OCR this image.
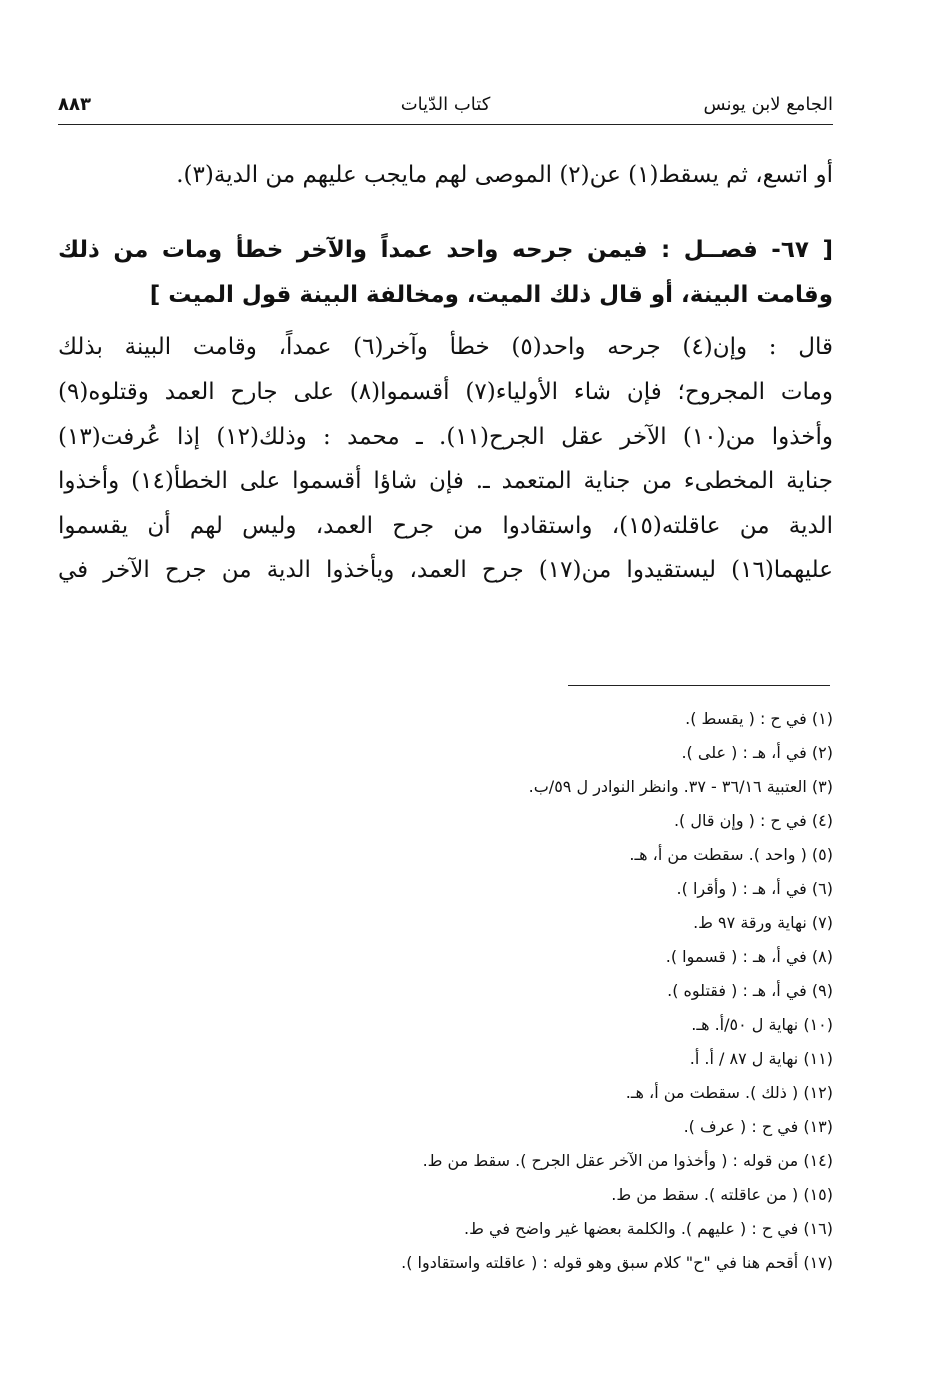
الجامع لابن يونس
كتاب الدّيات
٨٨٣
أو اتسع، ثم يسقط(١) عن(٢) الموصى لهم مايجب عليهم من الدية(٣).
[ ٦٧- فصــل : فيمن جرحه واحد عمداً والآخر خطأ ومات من ذلك
وقامت البينة، أو قال ذلك الميت، ومخالفة البينة قول الميت ]
قال : وإن(٤) جرحه واحد(٥) خطأ وآخر(٦) عمداً، وقامت البينة بذلك
ومات المجروح؛ فإن شاء الأولياء(٧) أقسموا(٨) على جارح العمد وقتلوه(٩)
وأخذوا من(١٠) الآخر عقل الجرح(١١). ـ محمد : وذلك(١٢) إذا عُرفت(١٣)
جناية المخطىء من جناية المتعمد ـ. فإن شاؤا أقسموا على الخطأ(١٤) وأخذوا
الدية من عاقلته(١٥)، واستقادوا من جرح العمد، وليس لهم أن يقسموا
عليهما(١٦) ليستقيدوا من(١٧) جرح العمد، ويأخذوا الدية من جرح الآخر في
(١) في ح : ( يقسط ).
(٢) في أ، هـ : ( على ).
(٣) العتبية ٣٦/١٦ - ٣٧. وانظر النوادر ل ٥٩/ب.
(٤) في ح : ( وإن قال ).
(٥) ( واحد ). سقطت من أ، هـ.
(٦) في أ، هـ : ( وأقرا ).
(٧) نهاية ورقة ٩٧ ط.
(٨) في أ، هـ : ( قسموا ).
(٩) في أ، هـ : ( فقتلوه ).
(١٠) نهاية ل ٥٠/أ. هـ.
(١١) نهاية ل ٨٧ / أ. أ.
(١٢) ( ذلك ). سقطت من أ، هـ.
(١٣) في ح : ( عرف ).
(١٤) من قوله : ( وأخذوا من الآخر عقل الجرح ). سقط من ط.
(١٥) ( من عاقلته ). سقط من ط.
(١٦) في ح : ( عليهم ). والكلمة بعضها غير واضح في ط.
(١٧) أقحم هنا في "ح" كلام سبق وهو قوله : ( عاقلته واستقادوا ).
